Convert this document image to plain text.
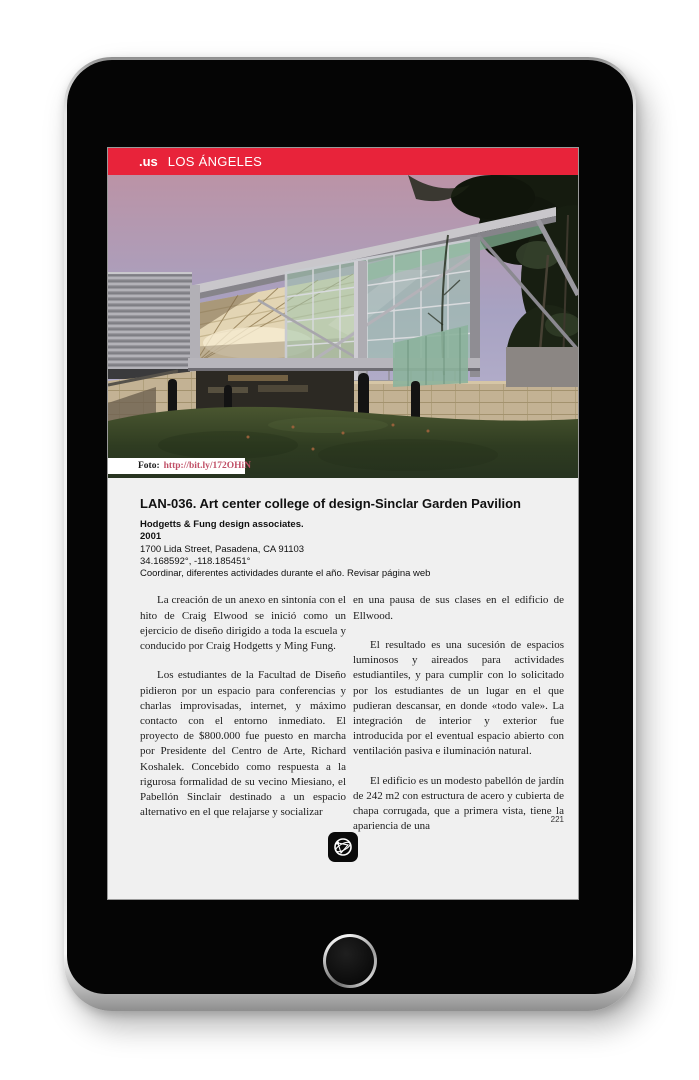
.us LOS ÁNGELES
Foto: http://bit.ly/172OHiN
LAN-036. Art center college of design-Sinclar Garden Pavilion
Hodgetts & Fung design associates.
2001
1700 Lida Street, Pasadena, CA 91103
34.168592°, -118.185451°
Coordinar, diferentes actividades durante el año. Revisar página web

La creación de un anexo en sintonía con el hito de Craig Elwood se inició como un ejercicio de diseño dirigido a toda la escuela y conducido por Craig Hodgetts y Ming Fung.

Los estudiantes de la Facultad de Diseño pidieron por un espacio para conferencias y charlas improvisadas, internet, y máximo contacto con el entorno inmediato. El proyecto de $800.000 fue puesto en marcha por Presidente del Centro de Arte, Richard Koshalek. Concebido como respuesta a la rigurosa formalidad de su vecino Miesiano, el Pabellón Sinclair destinado a un espacio alternativo en el que relajarse y socializar

en una pausa de sus clases en el edificio de Ellwood.

El resultado es una sucesión de espacios luminosos y aireados para actividades estudiantiles, y para cumplir con lo solicitado por los estudiantes de un lugar en el que pudieran descansar, en donde «todo vale». La integración de interior y exterior fue introducida por el eventual espacio abierto con ventilación pasiva e iluminación natural.

El edificio es un modesto pabellón de jardín de 242 m2 con estructura de acero y cubierta de chapa corrugada, que a primera vista, tiene la apariencia de una

221
